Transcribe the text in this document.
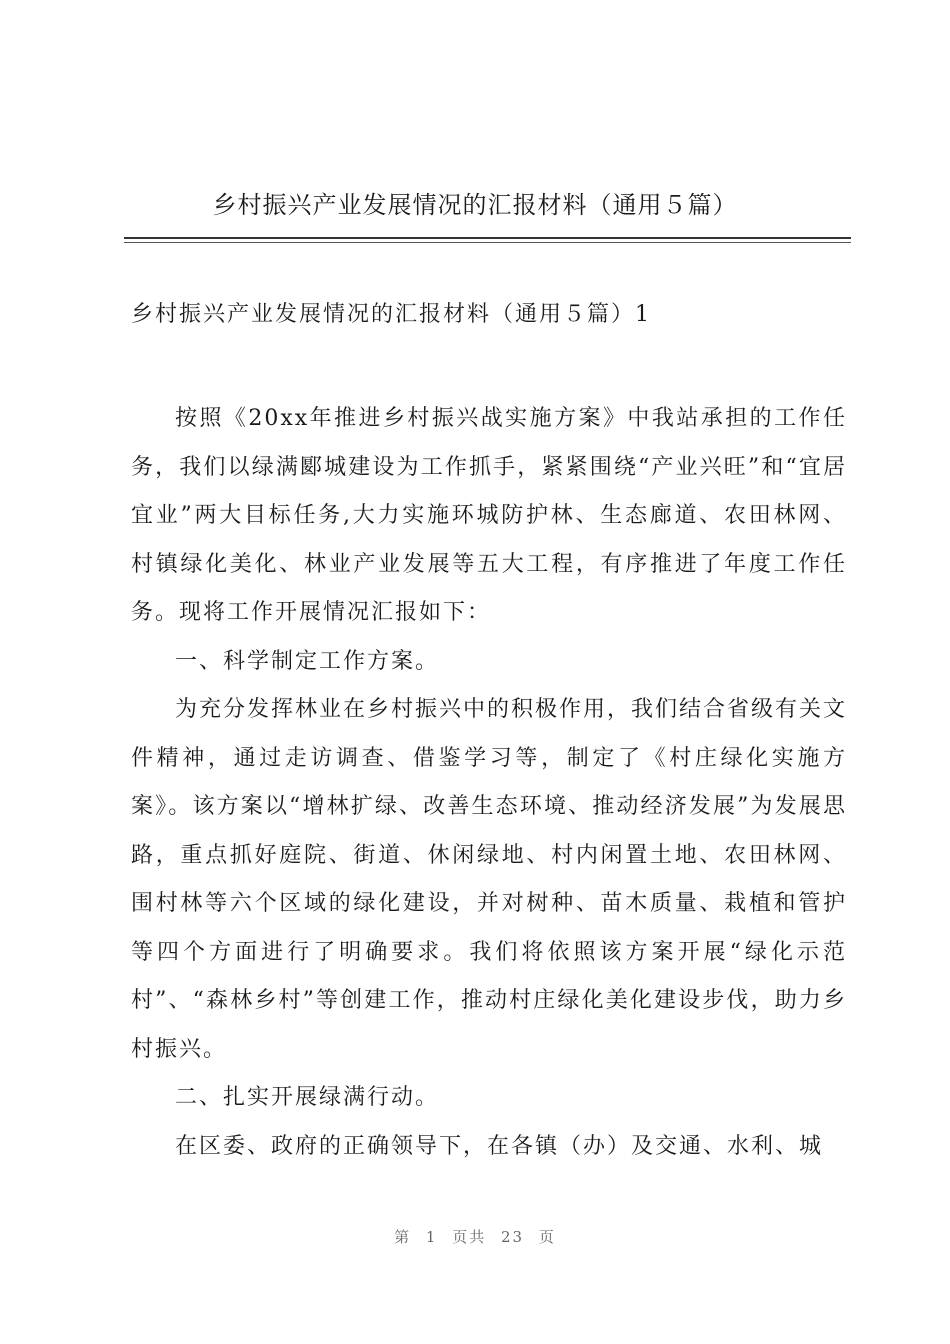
乡村振兴产业发展情况的汇报材料（通用５篇）
乡村振兴产业发展情况的汇报材料（通用５篇）1

按照《20xx年推进乡村振兴战实施方案》中我站承担的工作任务，我们以绿满郾城建设为工作抓手，紧紧围绕“产业兴旺”和“宜居宜业”两大目标任务,大力实施环城防护林、生态廊道、农田林网、村镇绿化美化、林业产业发展等五大工程，有序推进了年度工作任务。现将工作开展情况汇报如下：

一、科学制定工作方案。

为充分发挥林业在乡村振兴中的积极作用，我们结合省级有关文件精神，通过走访调查、借鉴学习等，制定了《村庄绿化实施方案》。该方案以“增林扩绿、改善生态环境、推动经济发展”为发展思路，重点抓好庭院、街道、休闲绿地、村内闲置土地、农田林网、围村林等六个区域的绿化建设，并对树种、苗木质量、栽植和管护等四个方面进行了明确要求。我们将依照该方案开展“绿化示范村”、“森林乡村”等创建工作，推动村庄绿化美化建设步伐，助力乡村振兴。

二、扎实开展绿满行动。

在区委、政府的正确领导下，在各镇（办）及交通、水利、城

第 1 页共 23 页
